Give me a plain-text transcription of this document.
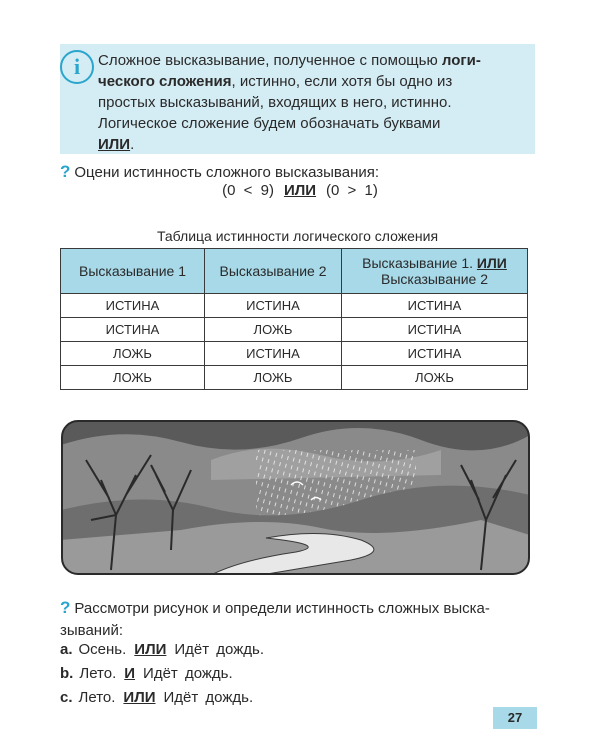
i	Сложное высказывание, полученное с помощью логи-

ческого сложения, истинно, если хотя бы одно из

простых высказываний, входящих в него, истинно.

Логическое сложение будем обозначать буквами

ИЛИ.

? Оцени истинность сложного высказывания:
(0 < 9) ИЛИ (0 > 1)
Таблица истинности логического сложения
Высказывание 1	Высказывание 2	Высказывание 1. ИЛИ
Высказывание 2
ИСТИНА	ИСТИНА	ИСТИНА
ИСТИНА	ЛОЖЬ	ИСТИНА
ЛОЖЬ	ИСТИНА	ИСТИНА
ЛОЖЬ	ЛОЖЬ	ЛОЖЬ
? Рассмотри рисунок и определи истинность сложных выска-зываний:
a. Осень. ИЛИ Идёт дождь.
b. Лето. И Идёт дождь.
c. Лето. ИЛИ Идёт дождь.
27
